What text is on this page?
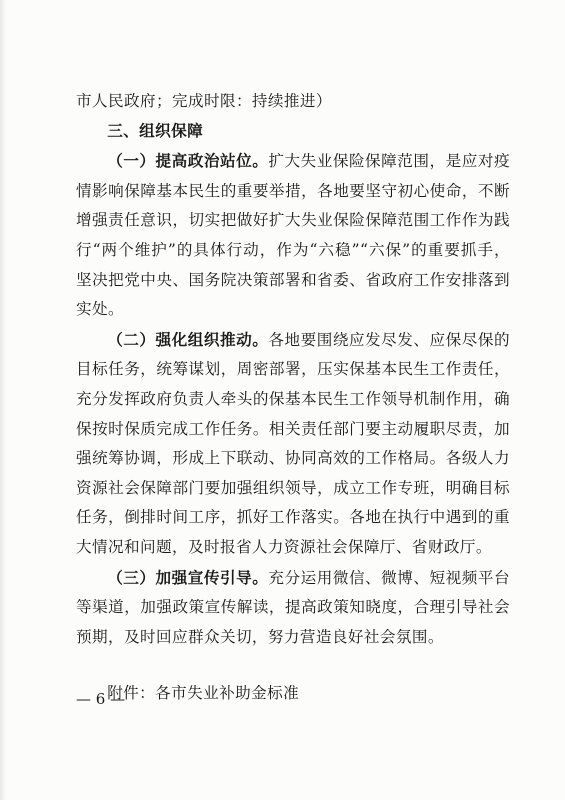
市人民政府；完成时限：持续推进）

三、组织保障

（一）提高政治站位。扩大失业保险保障范围，是应对疫情影响保障基本民生的重要举措，各地要坚守初心使命，不断增强责任意识，切实把做好扩大失业保险保障范围工作作为践行“两个维护”的具体行动，作为“六稳”“六保”的重要抓手，坚决把党中央、国务院决策部署和省委、省政府工作安排落到实处。

（二）强化组织推动。各地要围绕应发尽发、应保尽保的目标任务，统筹谋划，周密部署，压实保基本民生工作责任，充分发挥政府负责人牵头的保基本民生工作领导机制作用，确保按时保质完成工作任务。相关责任部门要主动履职尽责，加强统筹协调，形成上下联动、协同高效的工作格局。各级人力资源社会保障部门要加强组织领导，成立工作专班，明确目标任务，倒排时间工序，抓好工作落实。各地在执行中遇到的重大情况和问题，及时报省人力资源社会保障厅、省财政厅。

（三）加强宣传引导。充分运用微信、微博、短视频平台等渠道，加强政策宣传解读，提高政策知晓度，合理引导社会预期，及时回应群众关切，努力营造良好社会氛围。

附件：各市失业补助金标准

— 6 —
